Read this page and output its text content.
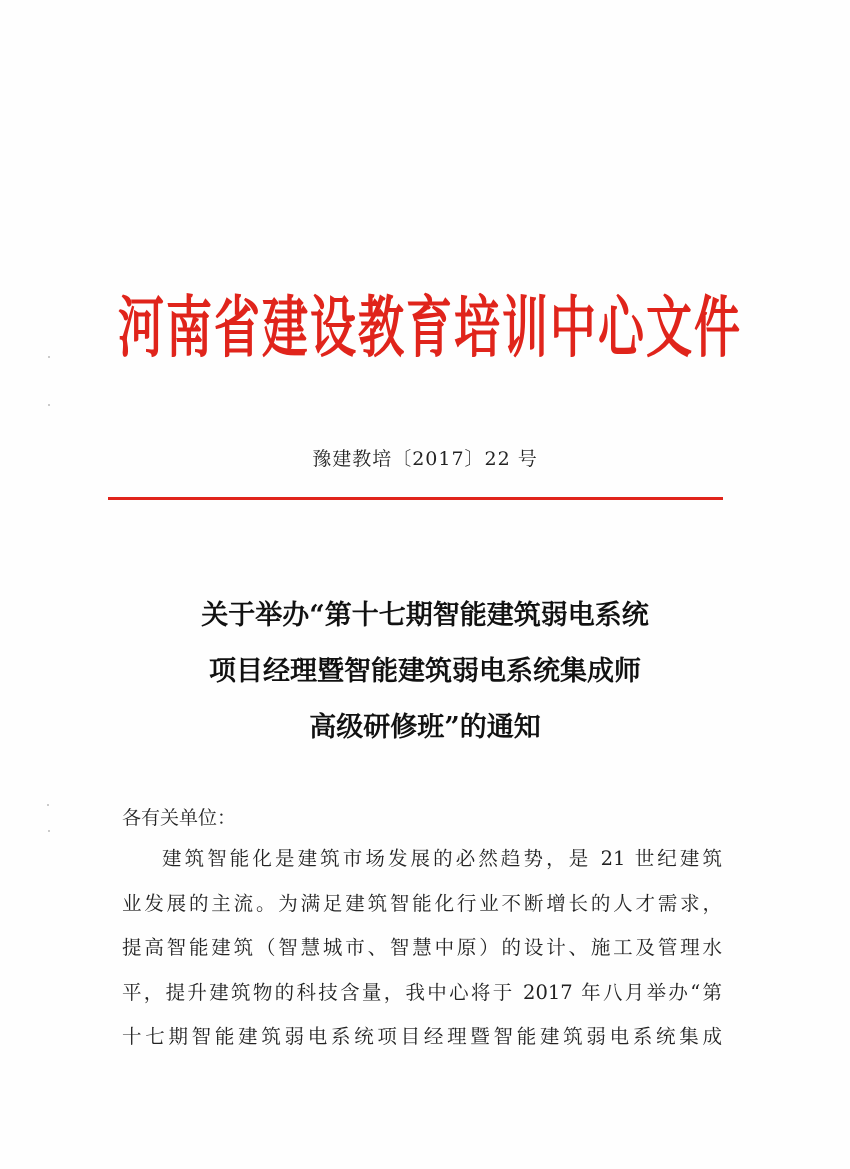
河南省建设教育培训中心文件
豫建教培〔2017〕22 号
关于举办“第十七期智能建筑弱电系统
项目经理暨智能建筑弱电系统集成师
高级研修班”的通知
各有关单位：
建筑智能化是建筑市场发展的必然趋势，是 21 世纪建筑
业发展的主流。为满足建筑智能化行业不断增长的人才需求，
提高智能建筑（智慧城市、智慧中原）的设计、施工及管理水
平，提升建筑物的科技含量，我中心将于 2017 年八月举办“第
十七期智能建筑弱电系统项目经理暨智能建筑弱电系统集成
